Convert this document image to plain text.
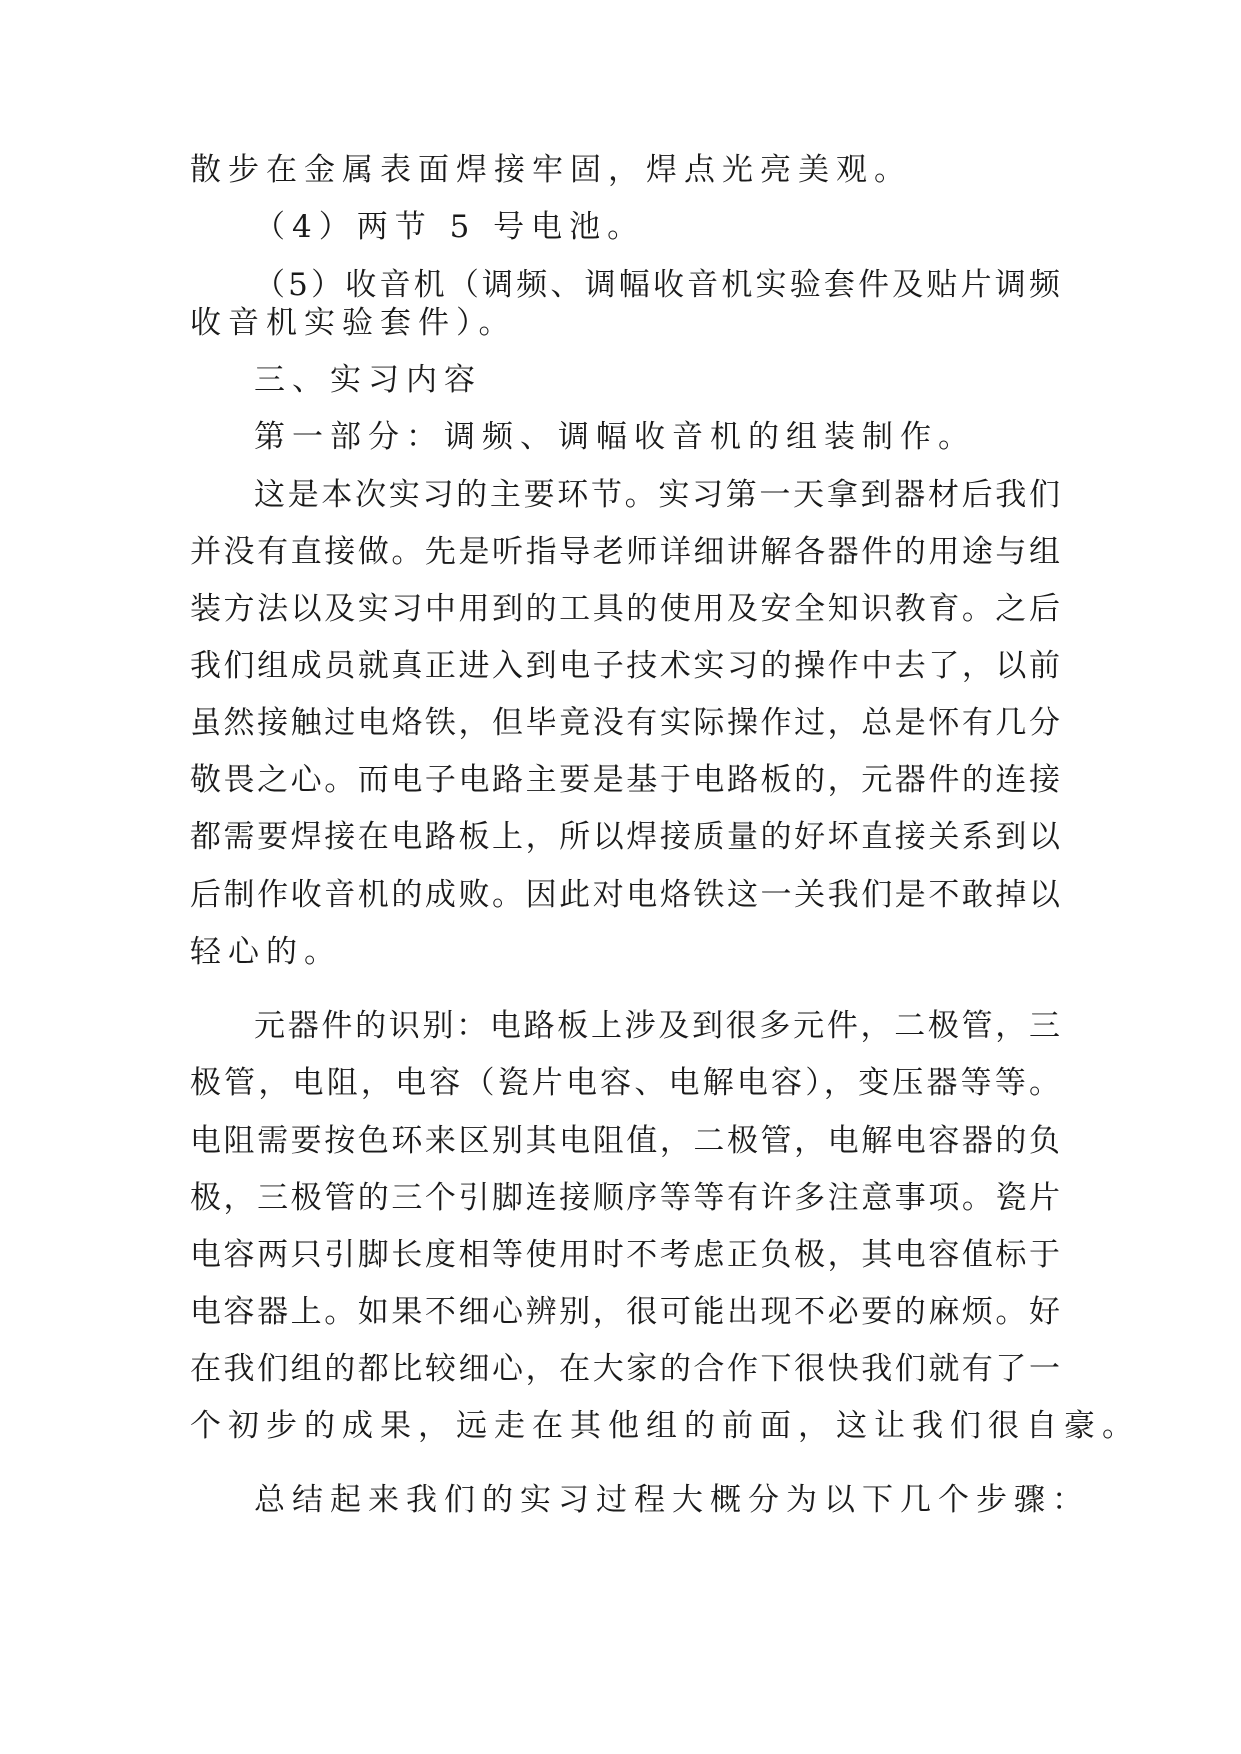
散步在金属表面焊接牢固，焊点光亮美观。
（4）两节 5 号电池。
（5）收音机（调频、调幅收音机实验套件及贴片调频
收音机实验套件）。
三、实习内容
第一部分：调频、调幅收音机的组装制作。
这是本次实习的主要环节。实习第一天拿到器材后我们
并没有直接做。先是听指导老师详细讲解各器件的用途与组
装方法以及实习中用到的工具的使用及安全知识教育。之后
我们组成员就真正进入到电子技术实习的操作中去了，以前
虽然接触过电烙铁，但毕竟没有实际操作过，总是怀有几分
敬畏之心。而电子电路主要是基于电路板的，元器件的连接
都需要焊接在电路板上，所以焊接质量的好坏直接关系到以
后制作收音机的成败。因此对电烙铁这一关我们是不敢掉以
轻心的。
元器件的识别：电路板上涉及到很多元件，二极管，三
极管，电阻，电容（瓷片电容、电解电容），变压器等等。
电阻需要按色环来区别其电阻值，二极管，电解电容器的负
极，三极管的三个引脚连接顺序等等有许多注意事项。瓷片
电容两只引脚长度相等使用时不考虑正负极，其电容值标于
电容器上。如果不细心辨别，很可能出现不必要的麻烦。好
在我们组的都比较细心，在大家的合作下很快我们就有了一
个初步的成果，远走在其他组的前面，这让我们很自豪。
总结起来我们的实习过程大概分为以下几个步骤：
